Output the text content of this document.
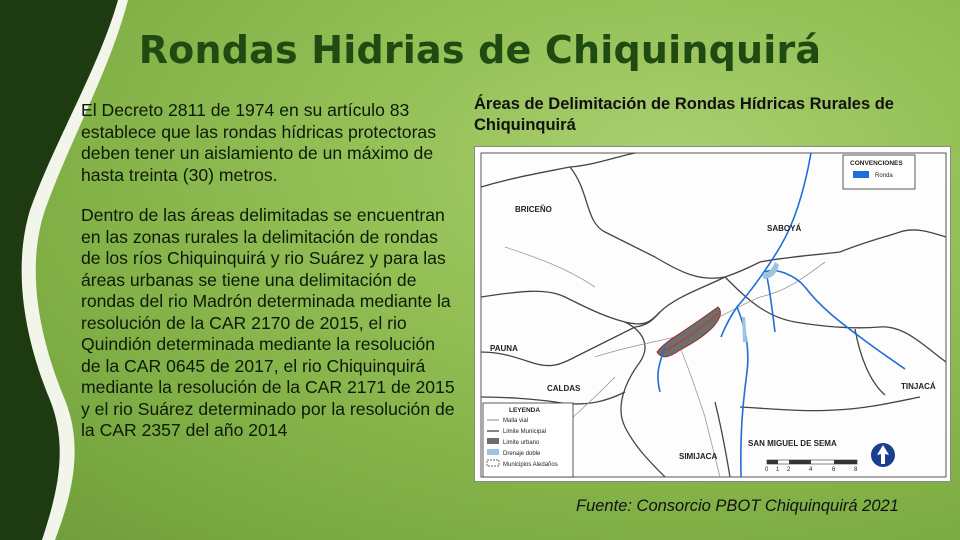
Rondas Hidrias de Chiquinquirá

El Decreto 2811 de 1974 en su artículo 83 establece que las rondas hídricas protectoras deben tener un aislamiento de un máximo de hasta treinta (30) metros.

Dentro de las áreas delimitadas se encuentran en las zonas rurales la delimitación de rondas de los ríos Chiquinquirá y rio Suárez y para las áreas urbanas se tiene una delimitación de rondas del rio Madrón determinada mediante la resolución de la CAR 2170 de 2015, el rio Quindión determinada mediante la resolución de la CAR 0645 de 2017, el rio Chiquinquirá mediante la resolución de la CAR 2171 de 2015 y el rio Suárez determinado por la resolución de la CAR 2357 del año 2014

Áreas de Delimitación de Rondas Hídricas Rurales de Chiquinquirá
BRICEÑO
SABOYÁ
PAUNA
CALDAS	TINJACÁ
SAN MIGUEL DE SEMA
SIMIJACA
CONVENCIONES
Ronda
LEYENDA
Malla vial
Limite Municipal
Limite urbano
Drenaje doble
Municipios Aledaños
0 1 2	4	6	8
Fuente: Consorcio PBOT Chiquinquirá 2021
